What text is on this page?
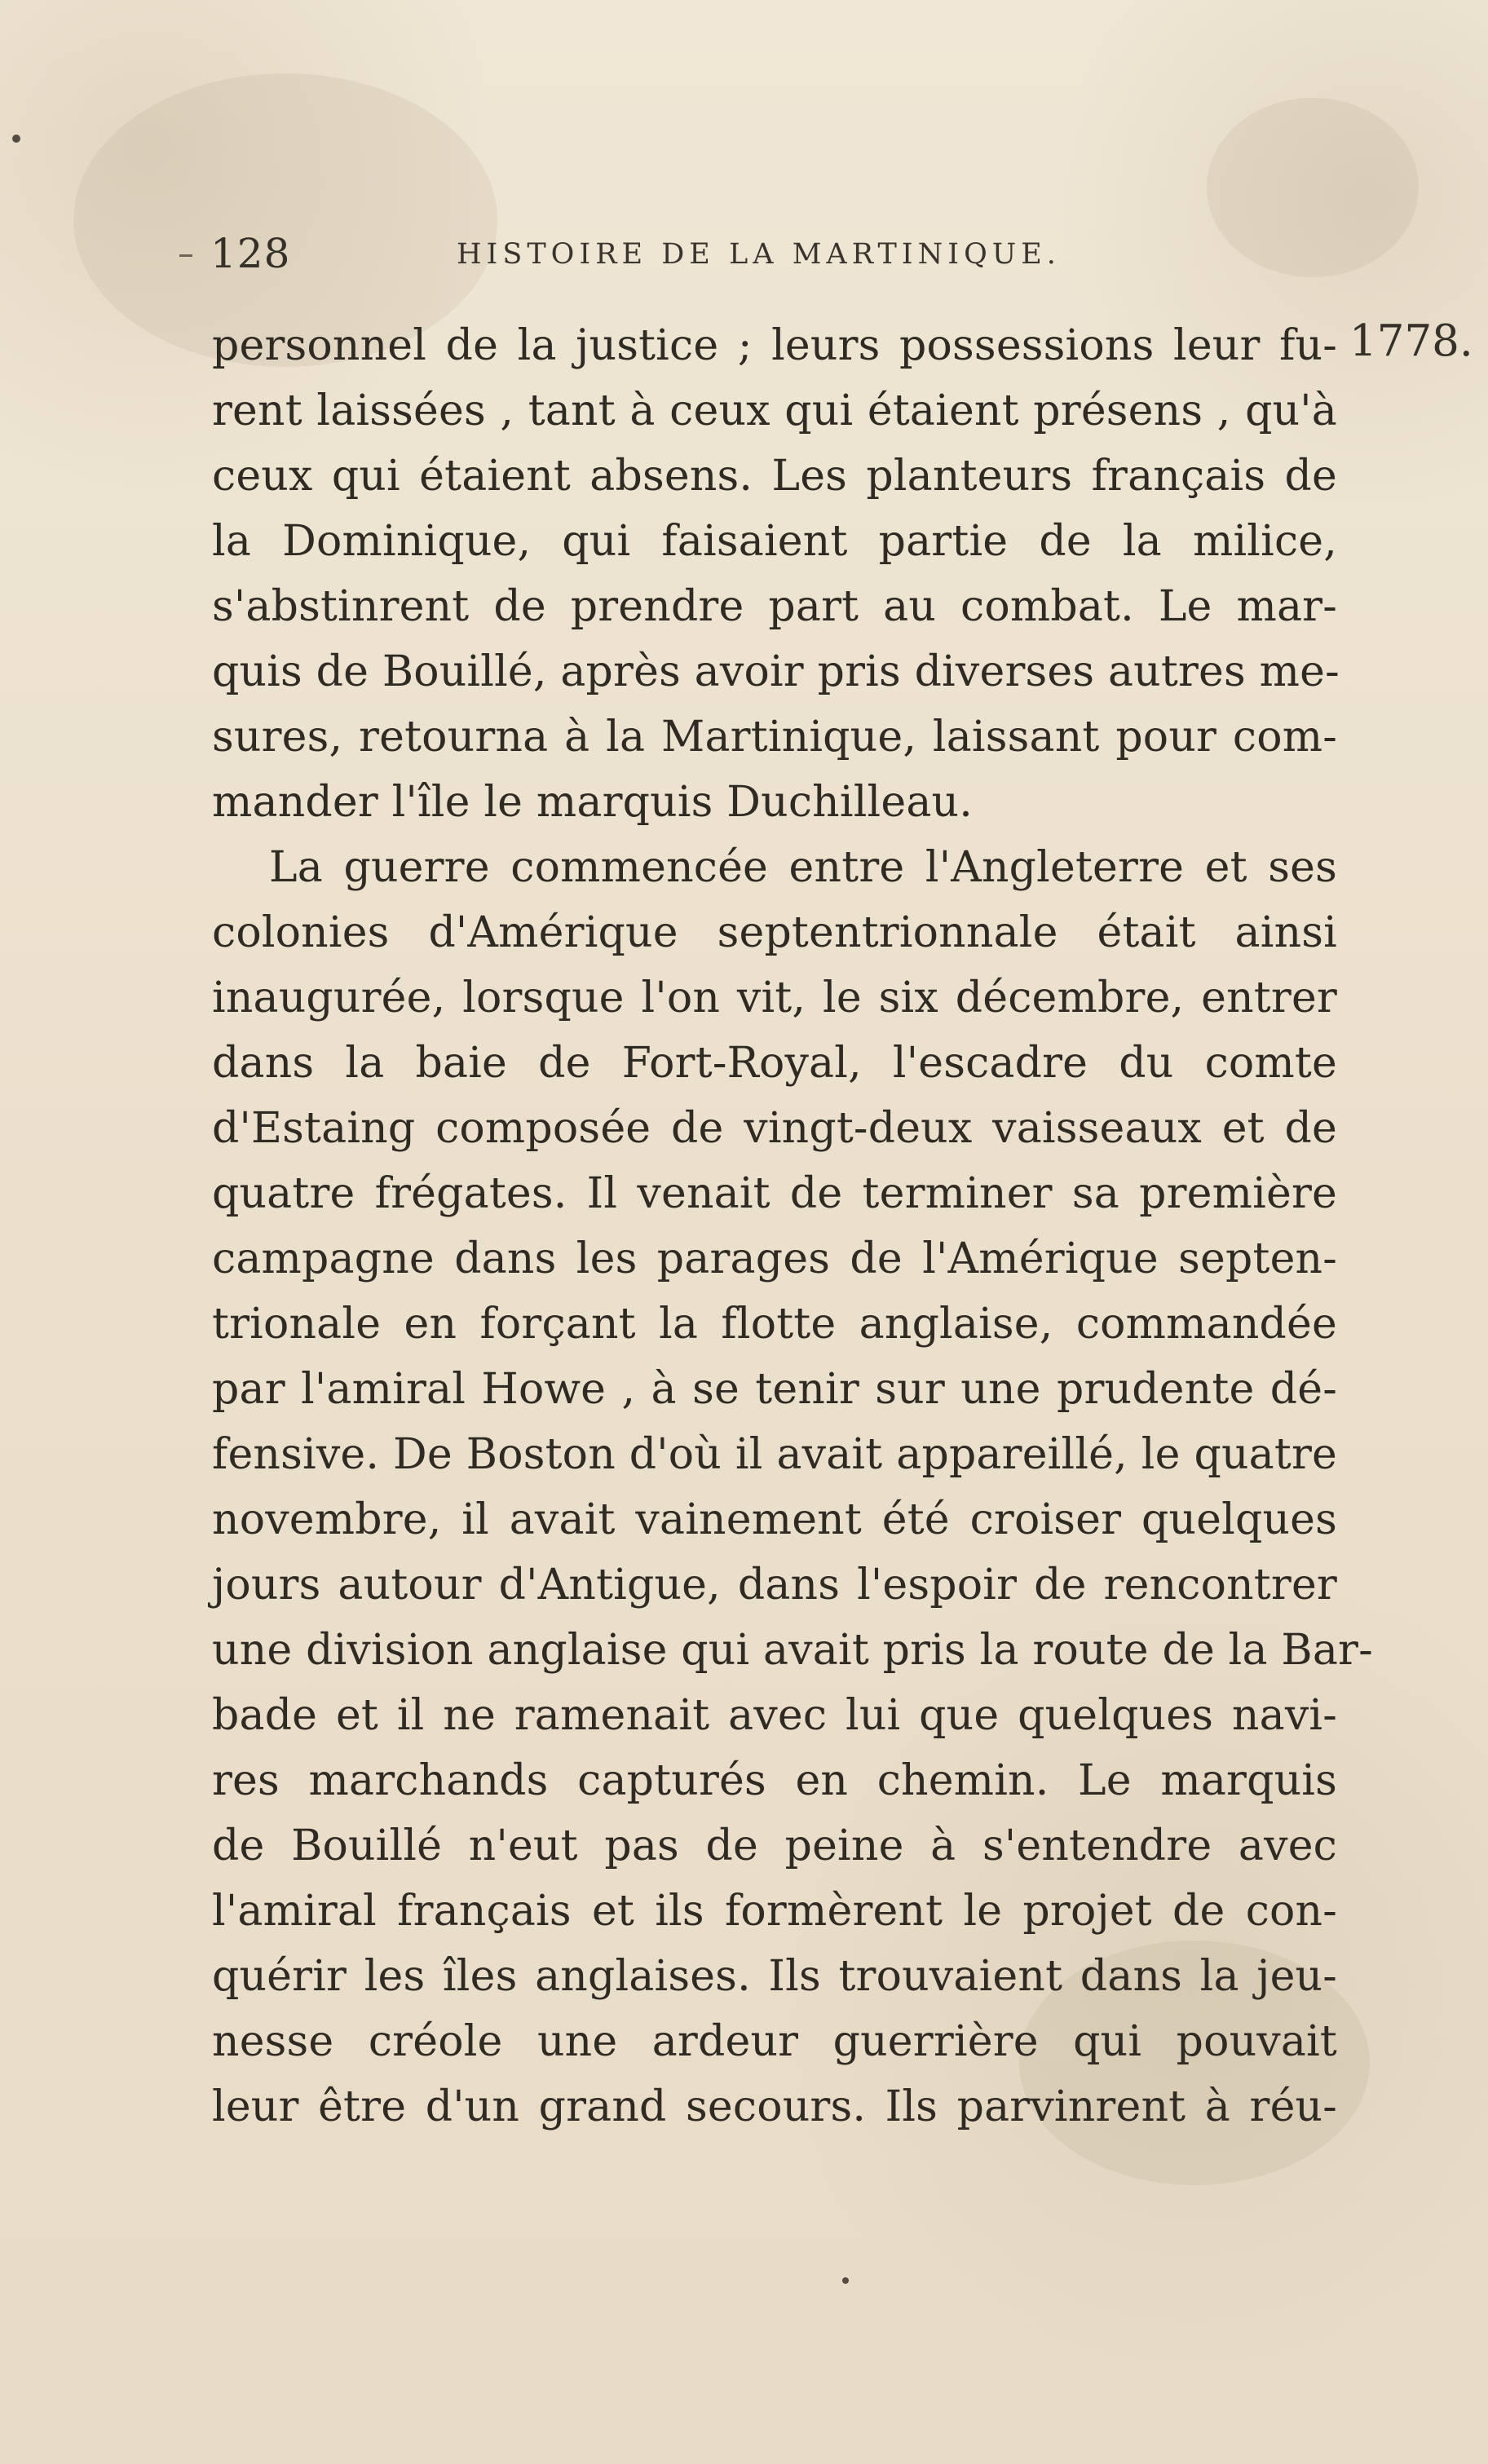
128	HISTOIRE DE LA MARTINIQUE.
1778.
personnel de la justice ; leurs possessions leur fu-
rent laissées , tant à ceux qui étaient présens , qu'à
ceux qui étaient absens. Les planteurs français de
la Dominique, qui faisaient partie de la milice,
s'abstinrent de prendre part au combat. Le mar-
quis de Bouillé, après avoir pris diverses autres me-
sures, retourna à la Martinique, laissant pour com-
mander l'île le marquis Duchilleau.
La guerre commencée entre l'Angleterre et ses
colonies d'Amérique septentrionnale était ainsi
inaugurée, lorsque l'on vit, le six décembre, entrer
dans la baie de Fort-Royal, l'escadre du comte
d'Estaing composée de vingt-deux vaisseaux et de
quatre frégates. Il venait de terminer sa première
campagne dans les parages de l'Amérique septen-
trionale en forçant la flotte anglaise, commandée
par l'amiral Howe , à se tenir sur une prudente dé-
fensive. De Boston d'où il avait appareillé, le quatre
novembre, il avait vainement été croiser quelques
jours autour d'Antigue, dans l'espoir de rencontrer
une division anglaise qui avait pris la route de la Bar-
bade et il ne ramenait avec lui que quelques navi-
res marchands capturés en chemin. Le marquis
de Bouillé n'eut pas de peine à s'entendre avec
l'amiral français et ils formèrent le projet de con-
quérir les îles anglaises. Ils trouvaient dans la jeu-
nesse créole une ardeur guerrière qui pouvait
leur être d'un grand secours. Ils parvinrent à réu-
